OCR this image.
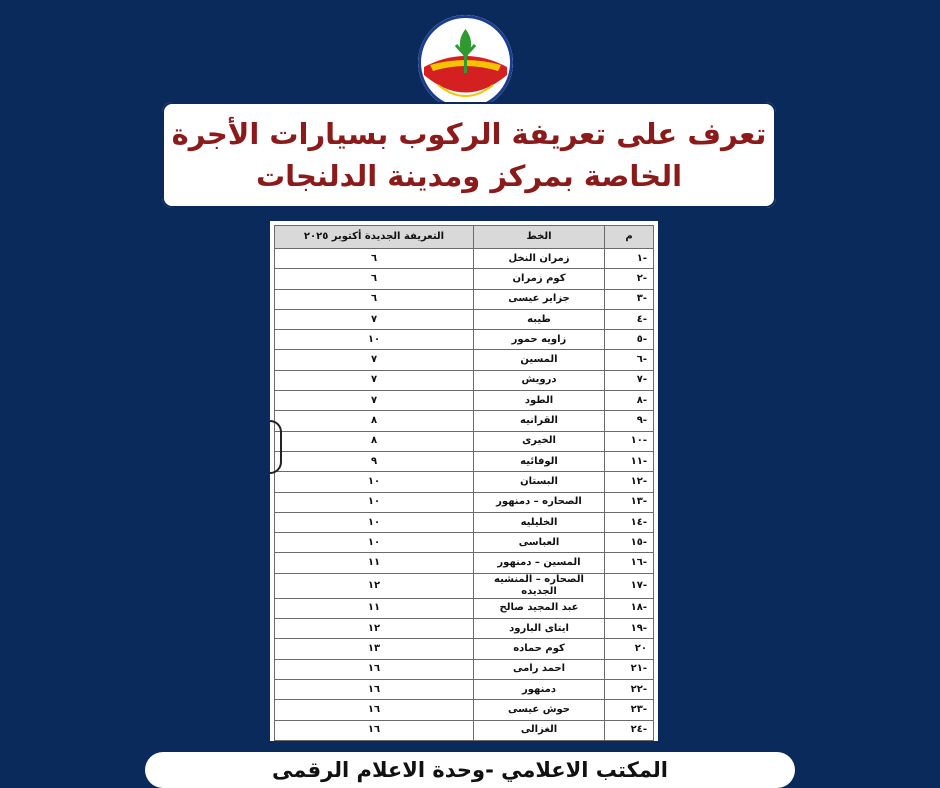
تعرف على تعريفة الركوب بسيارات الأجرة
الخاصة بمركز ومدينة الدلنجات
م	الخط	التعريفة الجديدة أكتوبر ٢٠٢٥
-١	زمران النخل	٦
-٢	كوم زمران	٦
-٣	جزاير عيسى	٦
-٤	طيبه	٧
-٥	زاويه حمور	١٠
-٦	المسين	٧
-٧	درويش	٧
-٨	الطود	٧
-٩	القرانيه	٨
-١٠	الخيرى	٨
-١١	الوفائيه	٩
-١٢	البستان	١٠
-١٣	الصحاره – دمنهور	١٠
-١٤	الخليليه	١٠
-١٥	العباسى	١٠
-١٦	المسين – دمنهور	١١
-١٧	الصحاره – المنشيه الجديده	١٢
-١٨	عبد المجيد صالح	١١
-١٩	ايتاى البارود	١٢
٢٠	كوم حماده	١٣
-٢١	احمد رامى	١٦
-٢٢	دمنهور	١٦
-٢٣	حوش عيسى	١٦
-٢٤	الغزالى	١٦
المكتب الاعلامي -وحدة الاعلام الرقمى
